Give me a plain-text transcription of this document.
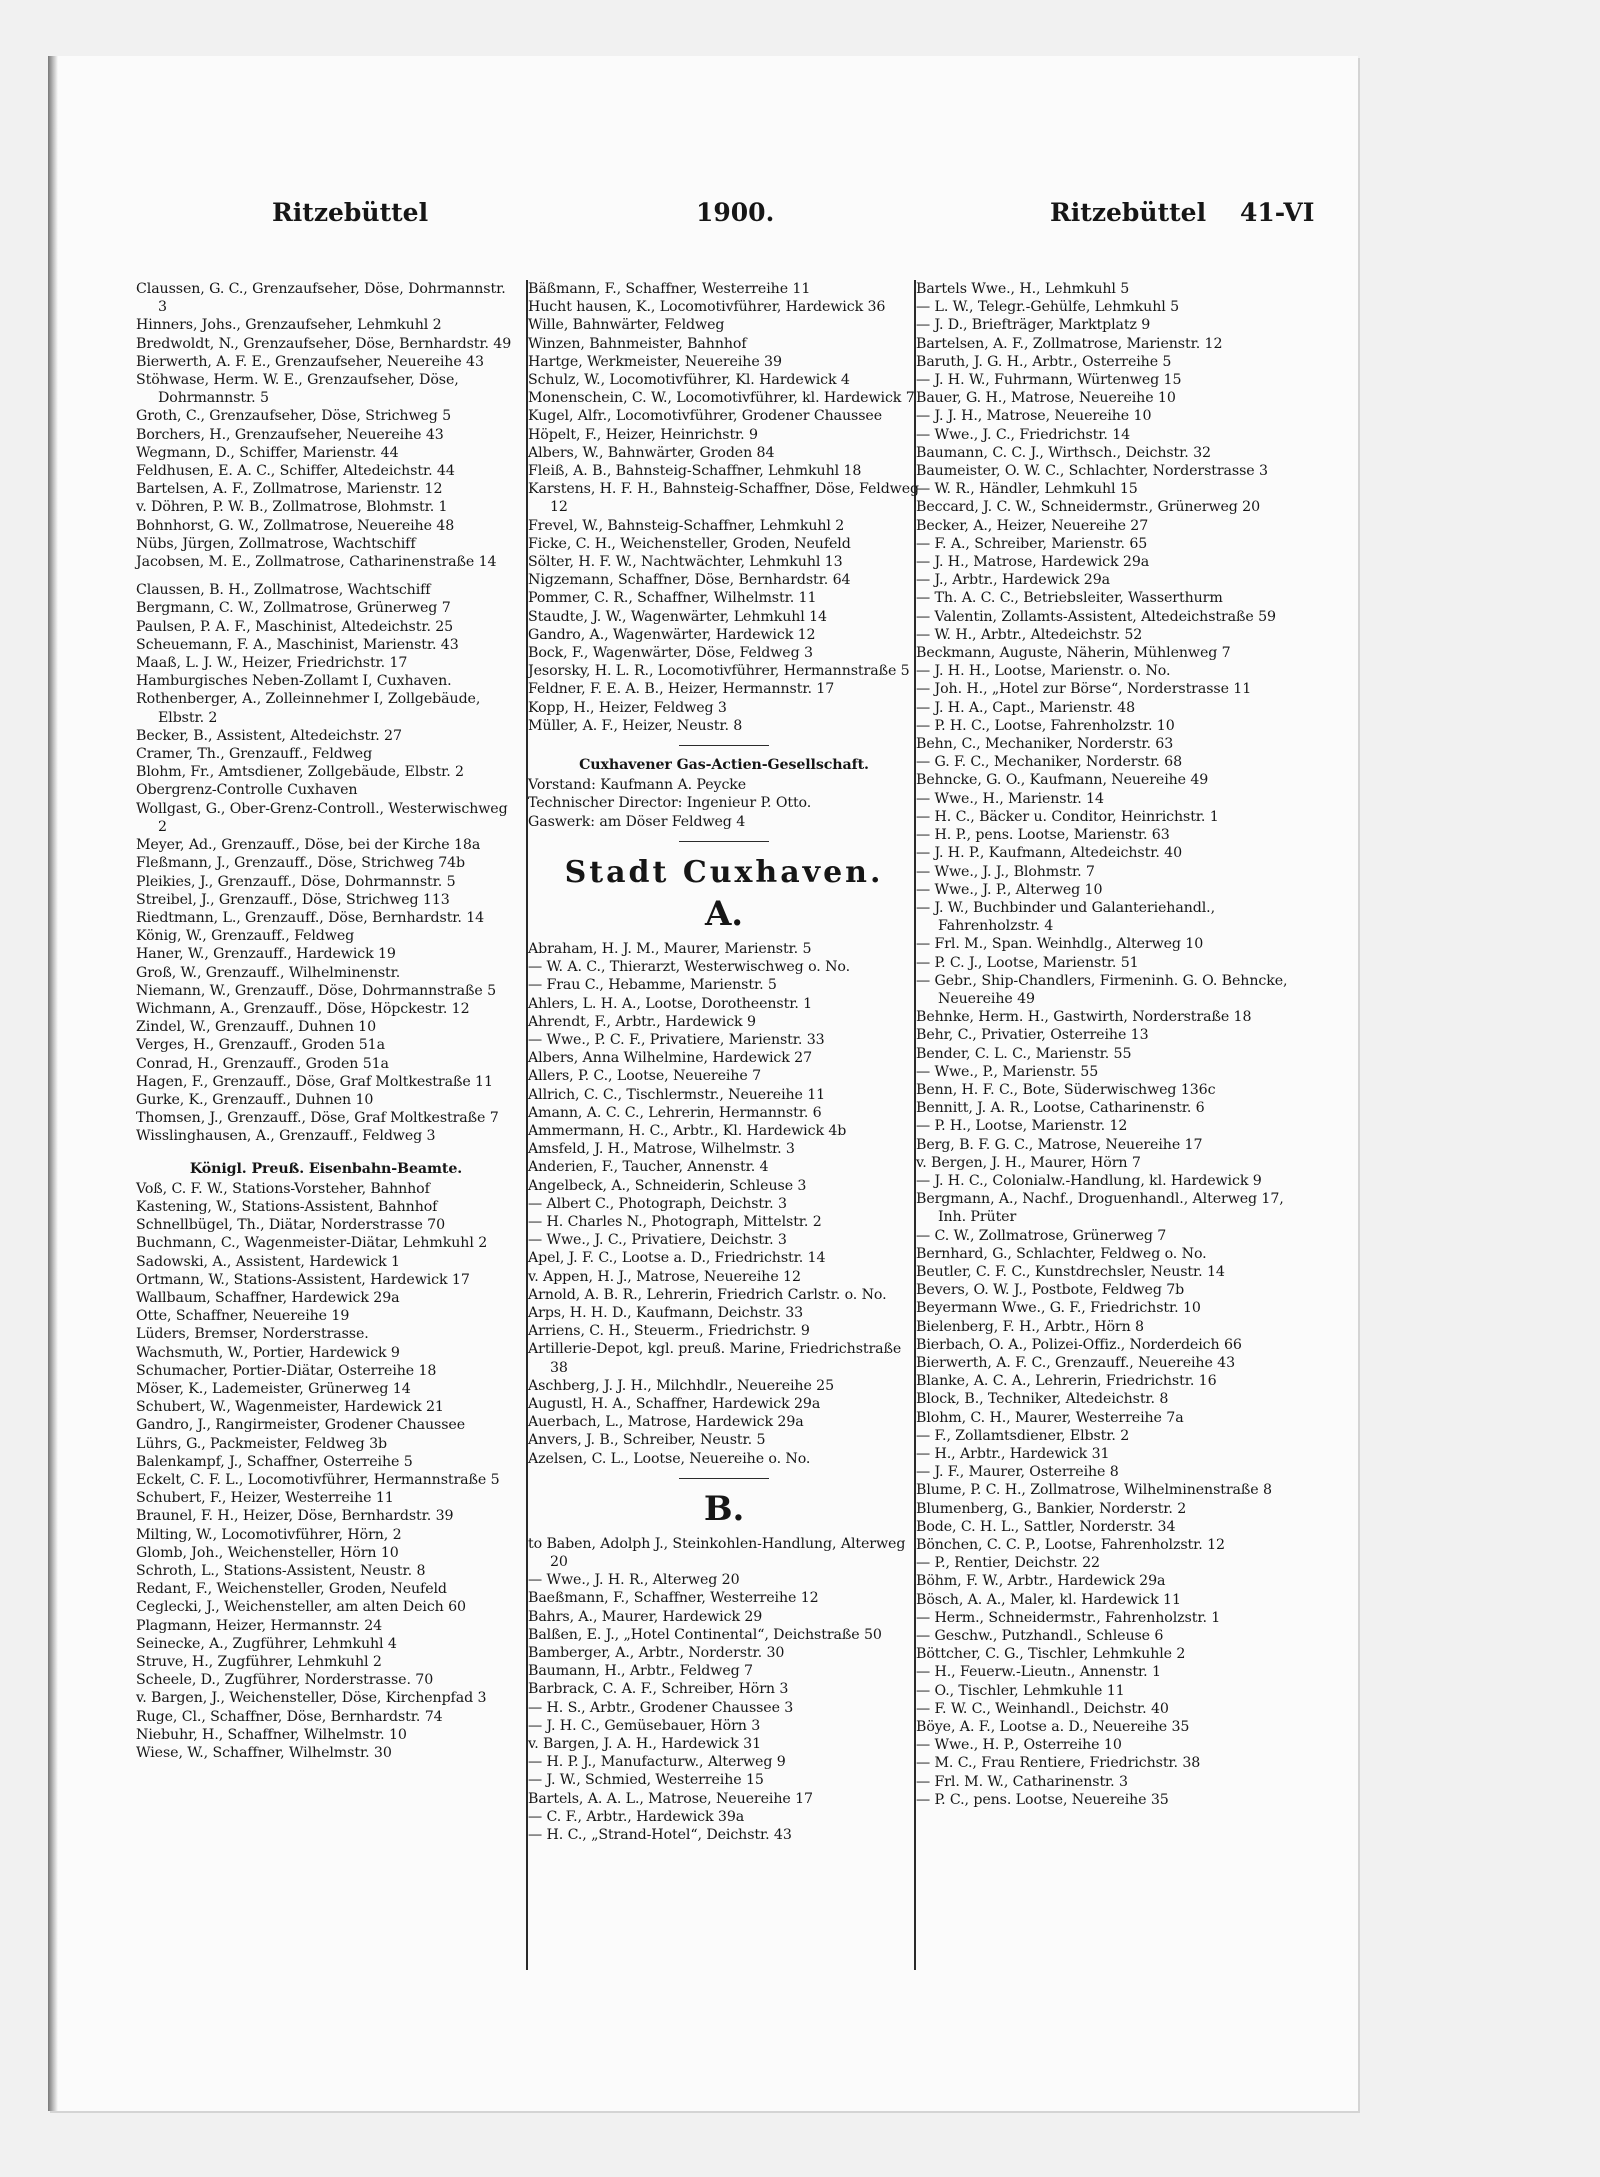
Ritzebüttel	1900.	Ritzebüttel 41-VI

Claussen, G. C., Grenzaufseher, Döse, Dohrmannstr. 3

Hinners, Johs., Grenzaufseher, Lehmkuhl 2

Bredwoldt, N., Grenzaufseher, Döse, Bernhardstr. 49

Bierwerth, A. F. E., Grenzaufseher, Neuereihe 43

Stöhwase, Herm. W. E., Grenzaufseher, Döse, Dohrmannstr. 5

Groth, C., Grenzaufseher, Döse, Strichweg 5

Borchers, H., Grenzaufseher, Neuereihe 43

Wegmann, D., Schiffer, Marienstr. 44

Feldhusen, E. A. C., Schiffer, Altedeichstr. 44

Bartelsen, A. F., Zollmatrose, Marienstr. 12

v. Döhren, P. W. B., Zollmatrose, Blohmstr. 1

Bohnhorst, G. W., Zollmatrose, Neuereihe 48

Nübs, Jürgen, Zollmatrose, Wachtschiff

Jacobsen, M. E., Zollmatrose, Catharinenstraße 14

Claussen, B. H., Zollmatrose, Wachtschiff

Bergmann, C. W., Zollmatrose, Grünerweg 7

Paulsen, P. A. F., Maschinist, Altedeichstr. 25

Scheuemann, F. A., Maschinist, Marienstr. 43

Maaß, L. J. W., Heizer, Friedrichstr. 17

Hamburgisches Neben-Zollamt I, Cuxhaven.

Rothenberger, A., Zolleinnehmer I, Zollgebäude, Elbstr. 2

Becker, B., Assistent, Altedeichstr. 27

Cramer, Th., Grenzauff., Feldweg

Blohm, Fr., Amtsdiener, Zollgebäude, Elbstr. 2

Obergrenz-Controlle Cuxhaven

Wollgast, G., Ober-Grenz-Controll., Westerwischweg 2

Meyer, Ad., Grenzauff., Döse, bei der Kirche 18a

Fleßmann, J., Grenzauff., Döse, Strichweg 74b

Pleikies, J., Grenzauff., Döse, Dohrmannstr. 5

Streibel, J., Grenzauff., Döse, Strichweg 113

Riedtmann, L., Grenzauff., Döse, Bernhardstr. 14

König, W., Grenzauff., Feldweg

Haner, W., Grenzauff., Hardewick 19

Groß, W., Grenzauff., Wilhelminenstr.

Niemann, W., Grenzauff., Döse, Dohrmannstraße 5

Wichmann, A., Grenzauff., Döse, Höpckestr. 12

Zindel, W., Grenzauff., Duhnen 10

Verges, H., Grenzauff., Groden 51a

Conrad, H., Grenzauff., Groden 51a

Hagen, F., Grenzauff., Döse, Graf Moltkestraße 11

Gurke, K., Grenzauff., Duhnen 10

Thomsen, J., Grenzauff., Döse, Graf Moltkestraße 7

Wisslinghausen, A., Grenzauff., Feldweg 3

Königl. Preuß. Eisenbahn-Beamte.

Voß, C. F. W., Stations-Vorsteher, Bahnhof

Kastening, W., Stations-Assistent, Bahnhof

Schnellbügel, Th., Diätar, Norderstrasse 70

Buchmann, C., Wagenmeister-Diätar, Lehmkuhl 2

Sadowski, A., Assistent, Hardewick 1

Ortmann, W., Stations-Assistent, Hardewick 17

Wallbaum, Schaffner, Hardewick 29a

Otte, Schaffner, Neuereihe 19

Lüders, Bremser, Norderstrasse.

Wachsmuth, W., Portier, Hardewick 9

Schumacher, Portier-Diätar, Osterreihe 18

Möser, K., Lademeister, Grünerweg 14

Schubert, W., Wagenmeister, Hardewick 21

Gandro, J., Rangirmeister, Grodener Chaussee

Lührs, G., Packmeister, Feldweg 3b

Balenkampf, J., Schaffner, Osterreihe 5

Eckelt, C. F. L., Locomotivführer, Hermannstraße 5

Schubert, F., Heizer, Westerreihe 11

Braunel, F. H., Heizer, Döse, Bernhardstr. 39

Milting, W., Locomotivführer, Hörn, 2

Glomb, Joh., Weichensteller, Hörn 10

Schroth, L., Stations-Assistent, Neustr. 8

Redant, F., Weichensteller, Groden, Neufeld

Ceglecki, J., Weichensteller, am alten Deich 60

Plagmann, Heizer, Hermannstr. 24

Seinecke, A., Zugführer, Lehmkuhl 4

Struve, H., Zugführer, Lehmkuhl 2

Scheele, D., Zugführer, Norderstrasse. 70

v. Bargen, J., Weichensteller, Döse, Kirchenpfad 3

Ruge, Cl., Schaffner, Döse, Bernhardstr. 74

Niebuhr, H., Schaffner, Wilhelmstr. 10

Wiese, W., Schaffner, Wilhelmstr. 30

Bäßmann, F., Schaffner, Westerreihe 11

Hucht hausen, K., Locomotivführer, Hardewick 36

Wille, Bahnwärter, Feldweg

Winzen, Bahnmeister, Bahnhof

Hartge, Werkmeister, Neuereihe 39

Schulz, W., Locomotivführer, Kl. Hardewick 4

Monenschein, C. W., Locomotivführer, kl. Hardewick 7

Kugel, Alfr., Locomotivführer, Grodener Chaussee

Höpelt, F., Heizer, Heinrichstr. 9

Albers, W., Bahnwärter, Groden 84

Fleiß, A. B., Bahnsteig-Schaffner, Lehmkuhl 18

Karstens, H. F. H., Bahnsteig-Schaffner, Döse, Feldweg 12

Frevel, W., Bahnsteig-Schaffner, Lehmkuhl 2

Ficke, C. H., Weichensteller, Groden, Neufeld

Sölter, H. F. W., Nachtwächter, Lehmkuhl 13

Nigzemann, Schaffner, Döse, Bernhardstr. 64

Pommer, C. R., Schaffner, Wilhelmstr. 11

Staudte, J. W., Wagenwärter, Lehmkuhl 14

Gandro, A., Wagenwärter, Hardewick 12

Bock, F., Wagenwärter, Döse, Feldweg 3

Jesorsky, H. L. R., Locomotivführer, Hermannstraße 5

Feldner, F. E. A. B., Heizer, Hermannstr. 17

Kopp, H., Heizer, Feldweg 3

Müller, A. F., Heizer, Neustr. 8

Cuxhavener Gas-Actien-Gesellschaft.

Vorstand: Kaufmann A. Peycke

Technischer Director: Ingenieur P. Otto.

Gaswerk: am Döser Feldweg 4

Stadt Cuxhaven.
A.

Abraham, H. J. M., Maurer, Marienstr. 5

— W. A. C., Thierarzt, Westerwischweg o. No.

— Frau C., Hebamme, Marienstr. 5

Ahlers, L. H. A., Lootse, Dorotheenstr. 1

Ahrendt, F., Arbtr., Hardewick 9

— Wwe., P. C. F., Privatiere, Marienstr. 33

Albers, Anna Wilhelmine, Hardewick 27

Allers, P. C., Lootse, Neuereihe 7

Allrich, C. C., Tischlermstr., Neuereihe 11

Amann, A. C. C., Lehrerin, Hermannstr. 6

Ammermann, H. C., Arbtr., Kl. Hardewick 4b

Amsfeld, J. H., Matrose, Wilhelmstr. 3

Anderien, F., Taucher, Annenstr. 4

Angelbeck, A., Schneiderin, Schleuse 3

— Albert C., Photograph, Deichstr. 3

— H. Charles N., Photograph, Mittelstr. 2

— Wwe., J. C., Privatiere, Deichstr. 3

Apel, J. F. C., Lootse a. D., Friedrichstr. 14

v. Appen, H. J., Matrose, Neuereihe 12

Arnold, A. B. R., Lehrerin, Friedrich Carlstr. o. No.

Arps, H. H. D., Kaufmann, Deichstr. 33

Arriens, C. H., Steuerm., Friedrichstr. 9

Artillerie-Depot, kgl. preuß. Marine, Friedrichstraße 38

Aschberg, J. J. H., Milchhdlr., Neuereihe 25

Augustl, H. A., Schaffner, Hardewick 29a

Auerbach, L., Matrose, Hardewick 29a

Anvers, J. B., Schreiber, Neustr. 5

Azelsen, C. L., Lootse, Neuereihe o. No.

B.

to Baben, Adolph J., Steinkohlen-Handlung, Alterweg 20

— Wwe., J. H. R., Alterweg 20

Baeßmann, F., Schaffner, Westerreihe 12

Bahrs, A., Maurer, Hardewick 29

Balßen, E. J., „Hotel Continental“, Deichstraße 50

Bamberger, A., Arbtr., Norderstr. 30

Baumann, H., Arbtr., Feldweg 7

Barbrack, C. A. F., Schreiber, Hörn 3

— H. S., Arbtr., Grodener Chaussee 3

— J. H. C., Gemüsebauer, Hörn 3

v. Bargen, J. A. H., Hardewick 31

— H. P. J., Manufacturw., Alterweg 9

— J. W., Schmied, Westerreihe 15

Bartels, A. A. L., Matrose, Neuereihe 17

— C. F., Arbtr., Hardewick 39a

— H. C., „Strand-Hotel“, Deichstr. 43

Bartels Wwe., H., Lehmkuhl 5

— L. W., Telegr.-Gehülfe, Lehmkuhl 5

— J. D., Briefträger, Marktplatz 9

Bartelsen, A. F., Zollmatrose, Marienstr. 12

Baruth, J. G. H., Arbtr., Osterreihe 5

— J. H. W., Fuhrmann, Würtenweg 15

Bauer, G. H., Matrose, Neuereihe 10

— J. J. H., Matrose, Neuereihe 10

— Wwe., J. C., Friedrichstr. 14

Baumann, C. C. J., Wirthsch., Deichstr. 32

Baumeister, O. W. C., Schlachter, Norderstrasse 3

— W. R., Händler, Lehmkuhl 15

Beccard, J. C. W., Schneidermstr., Grünerweg 20

Becker, A., Heizer, Neuereihe 27

— F. A., Schreiber, Marienstr. 65

— J. H., Matrose, Hardewick 29a

— J., Arbtr., Hardewick 29a

— Th. A. C. C., Betriebsleiter, Wasserthurm

— Valentin, Zollamts-Assistent, Altedeichstraße 59

— W. H., Arbtr., Altedeichstr. 52

Beckmann, Auguste, Näherin, Mühlenweg 7

— J. H. H., Lootse, Marienstr. o. No.

— Joh. H., „Hotel zur Börse“, Norderstrasse 11

— J. H. A., Capt., Marienstr. 48

— P. H. C., Lootse, Fahrenholzstr. 10

Behn, C., Mechaniker, Norderstr. 63

— G. F. C., Mechaniker, Norderstr. 68

Behncke, G. O., Kaufmann, Neuereihe 49

— Wwe., H., Marienstr. 14

— H. C., Bäcker u. Conditor, Heinrichstr. 1

— H. P., pens. Lootse, Marienstr. 63

— J. H. P., Kaufmann, Altedeichstr. 40

— Wwe., J. J., Blohmstr. 7

— Wwe., J. P., Alterweg 10

— J. W., Buchbinder und Galanteriehandl., Fahrenholzstr. 4

— Frl. M., Span. Weinhdlg., Alterweg 10

— P. C. J., Lootse, Marienstr. 51

— Gebr., Ship-Chandlers, Firmeninh. G. O. Behncke, Neuereihe 49

Behnke, Herm. H., Gastwirth, Norderstraße 18

Behr, C., Privatier, Osterreihe 13

Bender, C. L. C., Marienstr. 55

— Wwe., P., Marienstr. 55

Benn, H. F. C., Bote, Süderwischweg 136c

Bennitt, J. A. R., Lootse, Catharinenstr. 6

— P. H., Lootse, Marienstr. 12

Berg, B. F. G. C., Matrose, Neuereihe 17

v. Bergen, J. H., Maurer, Hörn 7

— J. H. C., Colonialw.-Handlung, kl. Hardewick 9

Bergmann, A., Nachf., Droguenhandl., Alterweg 17, Inh. Prüter

— C. W., Zollmatrose, Grünerweg 7

Bernhard, G., Schlachter, Feldweg o. No.

Beutler, C. F. C., Kunstdrechsler, Neustr. 14

Bevers, O. W. J., Postbote, Feldweg 7b

Beyermann Wwe., G. F., Friedrichstr. 10

Bielenberg, F. H., Arbtr., Hörn 8

Bierbach, O. A., Polizei-Offiz., Norderdeich 66

Bierwerth, A. F. C., Grenzauff., Neuereihe 43

Blanke, A. C. A., Lehrerin, Friedrichstr. 16

Block, B., Techniker, Altedeichstr. 8

Blohm, C. H., Maurer, Westerreihe 7a

— F., Zollamtsdiener, Elbstr. 2

— H., Arbtr., Hardewick 31

— J. F., Maurer, Osterreihe 8

Blume, P. C. H., Zollmatrose, Wilhelminenstraße 8

Blumenberg, G., Bankier, Norderstr. 2

Bode, C. H. L., Sattler, Norderstr. 34

Bönchen, C. C. P., Lootse, Fahrenholzstr. 12

— P., Rentier, Deichstr. 22

Böhm, F. W., Arbtr., Hardewick 29a

Bösch, A. A., Maler, kl. Hardewick 11

— Herm., Schneidermstr., Fahrenholzstr. 1

— Geschw., Putzhandl., Schleuse 6

Böttcher, C. G., Tischler, Lehmkuhle 2

— H., Feuerw.-Lieutn., Annenstr. 1

— O., Tischler, Lehmkuhle 11

— F. W. C., Weinhandl., Deichstr. 40

Böye, A. F., Lootse a. D., Neuereihe 35

— Wwe., H. P., Osterreihe 10

— M. C., Frau Rentiere, Friedrichstr. 38

— Frl. M. W., Catharinenstr. 3

— P. C., pens. Lootse, Neuereihe 35
